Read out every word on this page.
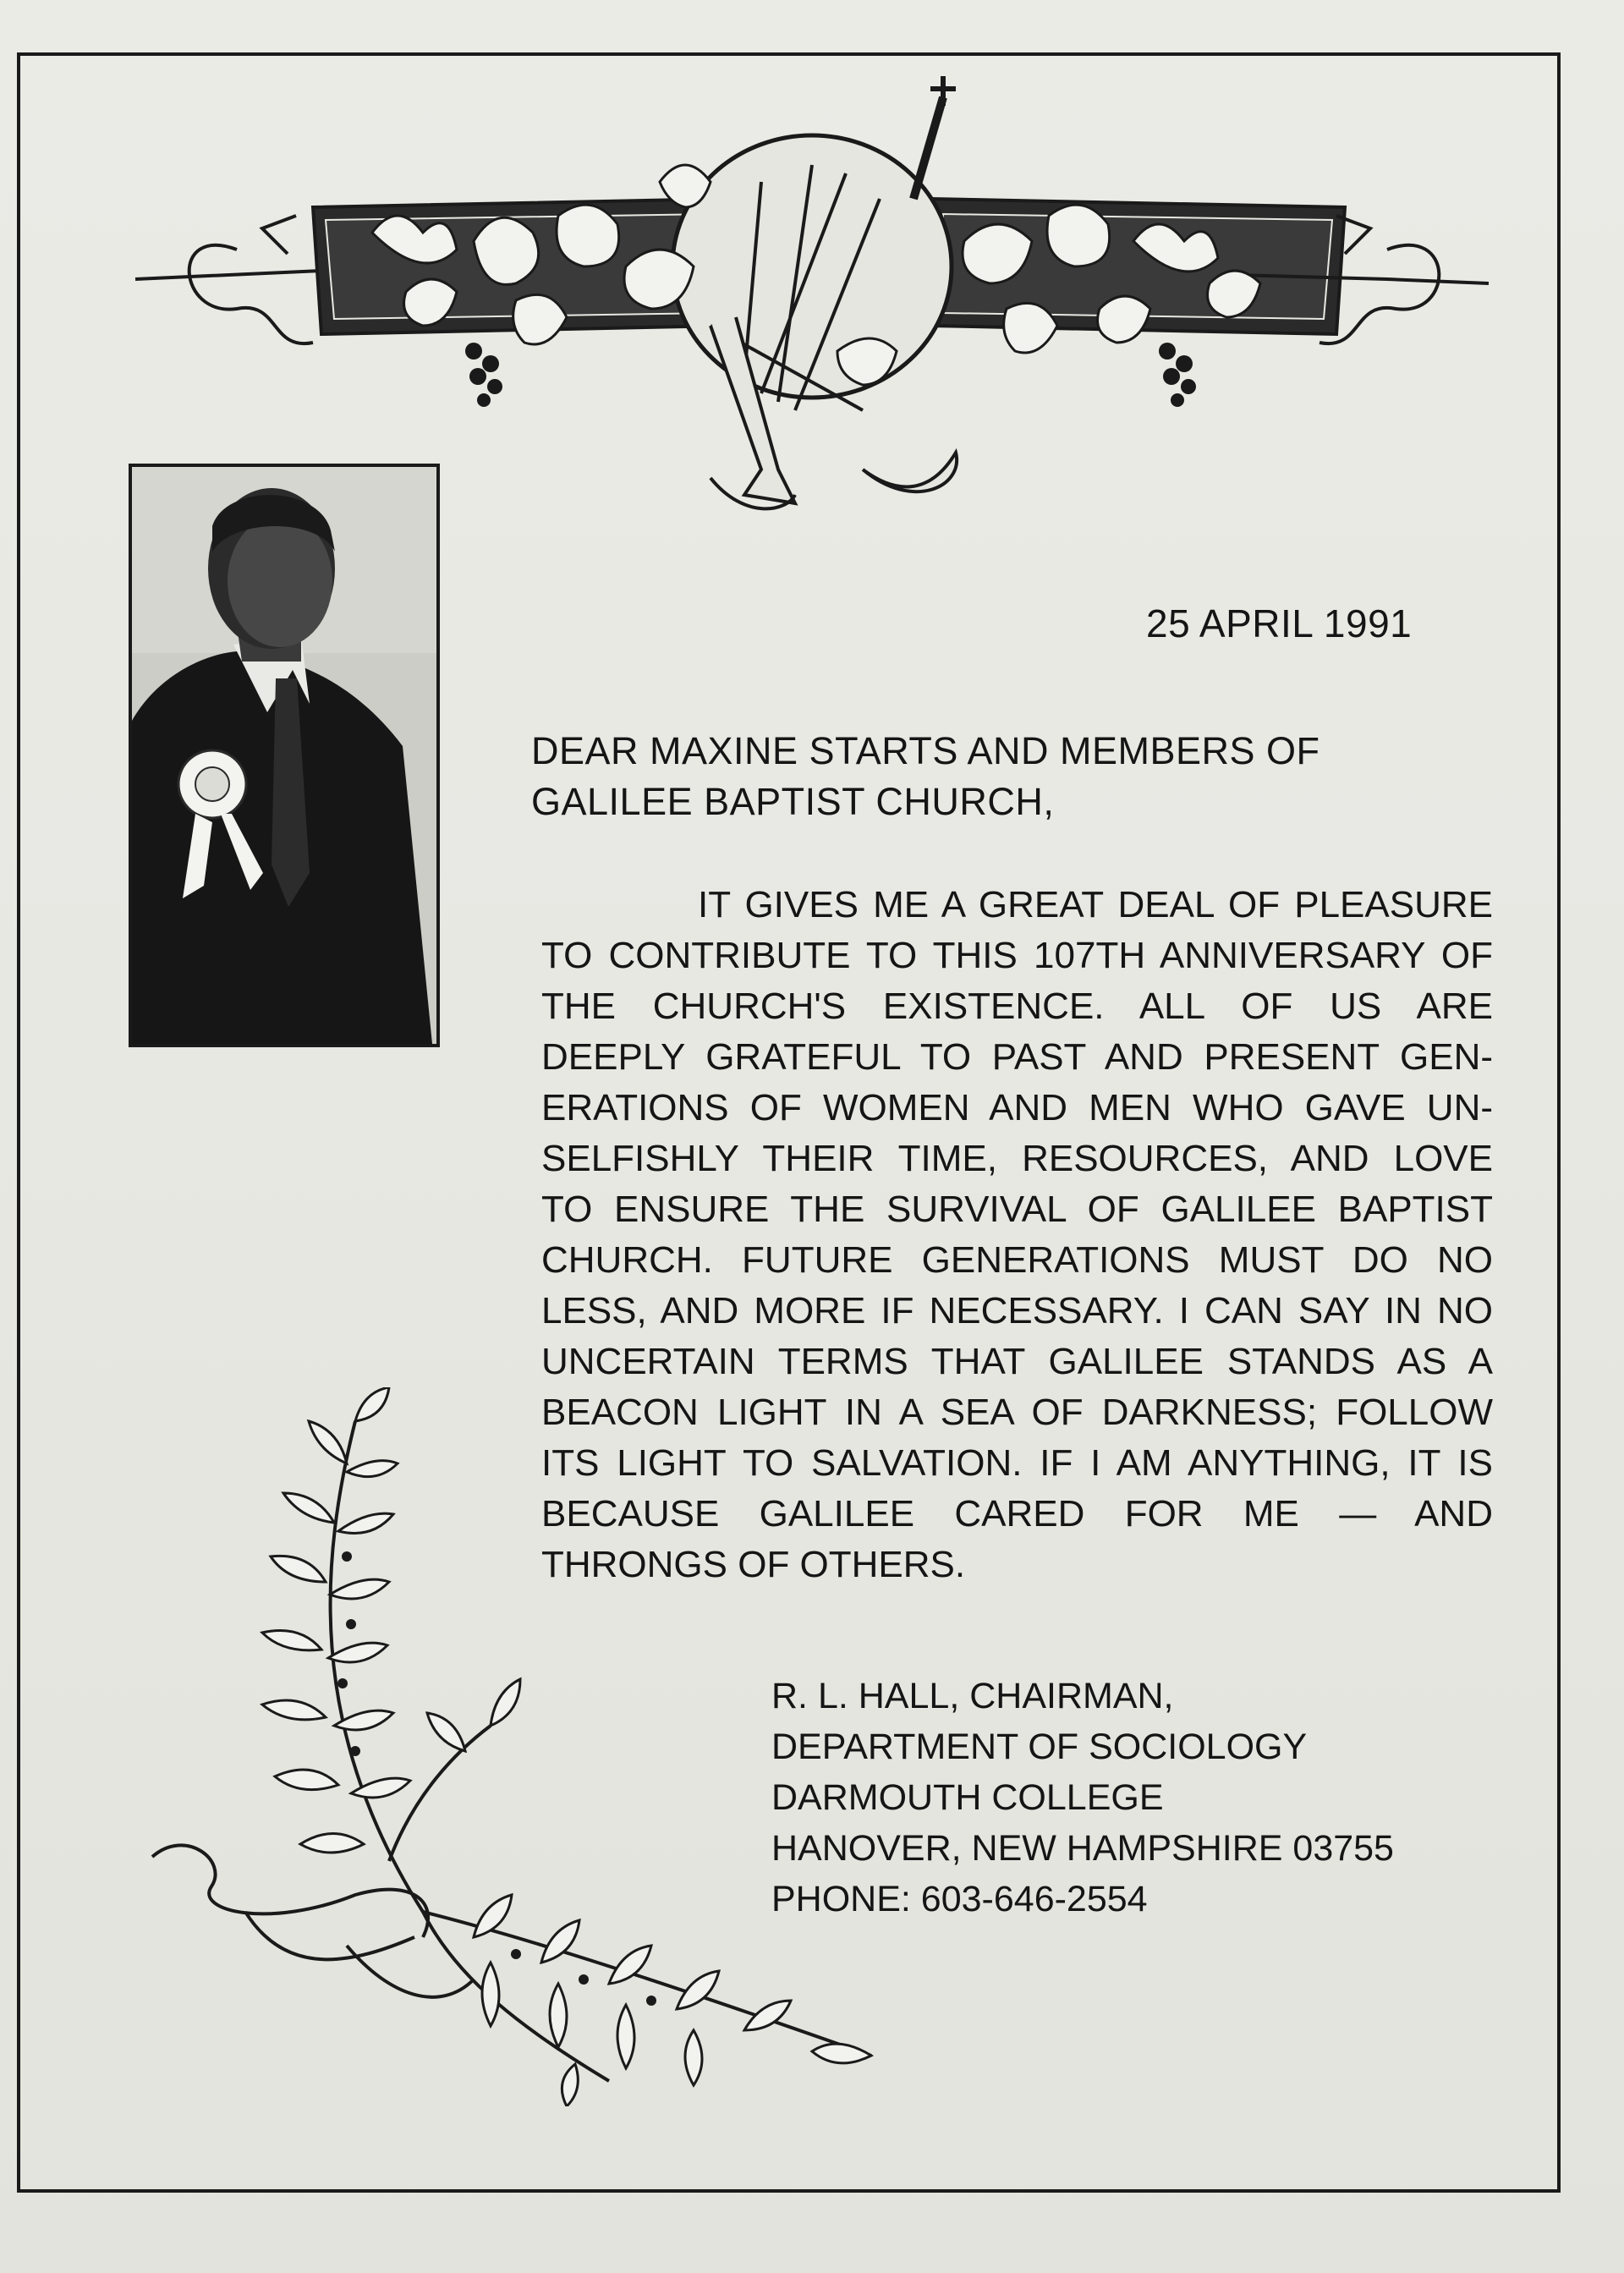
25 APRIL 1991
DEAR MAXINE STARTS AND MEMBERS OF
GALILEE BAPTIST CHURCH,
IT GIVES ME A GREAT DEAL OF PLEASURE
TO CONTRIBUTE TO THIS 107TH ANNIVERSARY OF
THE CHURCH'S EXISTENCE. ALL OF US ARE
DEEPLY GRATEFUL TO PAST AND PRESENT GEN-
ERATIONS OF WOMEN AND MEN WHO GAVE UN-
SELFISHLY THEIR TIME, RESOURCES, AND LOVE
TO ENSURE THE SURVIVAL OF GALILEE BAPTIST
CHURCH. FUTURE GENERATIONS MUST DO NO
LESS, AND MORE IF NECESSARY. I CAN SAY IN NO
UNCERTAIN TERMS THAT GALILEE STANDS AS A
BEACON LIGHT IN A SEA OF DARKNESS; FOLLOW
ITS LIGHT TO SALVATION. IF I AM ANYTHING, IT IS
BECAUSE GALILEE CARED FOR ME — AND
THRONGS OF OTHERS.
R. L. HALL, CHAIRMAN,
DEPARTMENT OF SOCIOLOGY
DARMOUTH COLLEGE
HANOVER, NEW HAMPSHIRE 03755
PHONE: 603-646-2554
